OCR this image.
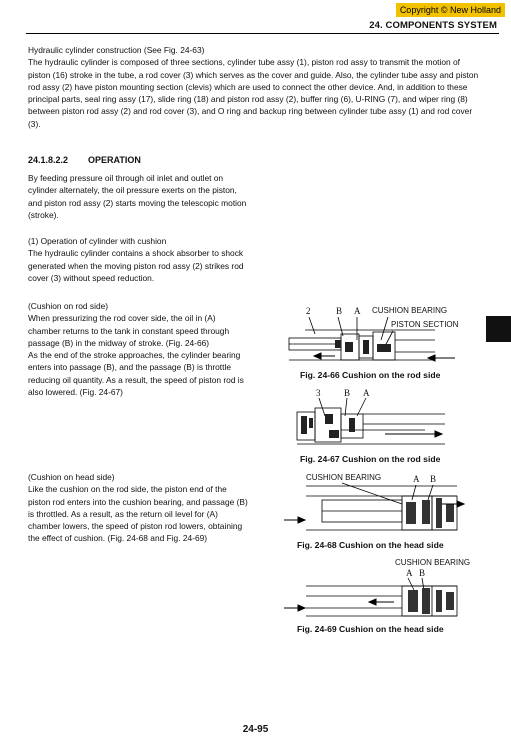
Copyright © New Holland
24. COMPONENTS SYSTEM
Hydraulic cylinder construction (See Fig. 24-63)
The hydraulic cylinder is composed of three sections, cylinder tube assy (1), piston rod assy to transmit the motion of piston (16) stroke in the tube, a rod cover (3) which serves as the cover and guide. Also, the cylinder tube assy and piston rod assy (2) have piston mounting section (clevis) which are used to connect the other device. And, in addition to these principal parts, seal ring assy (17), slide ring (18) and piston rod assy (2), buffer ring (6), U-RING (7), and wiper ring (8) between piston rod assy (2) and rod cover (3), and O ring and backup ring between cylinder tube assy (1) and rod cover (3).
24.1.8.2.2 OPERATION
By feeding pressure oil through oil inlet and outlet on cylinder alternately, the oil pressure exerts on the piston, and piston rod assy (2) starts moving the telescopic motion (stroke).
(1) Operation of cylinder with cushion
The hydraulic cylinder contains a shock absorber to shock generated when the moving piston rod assy (2) strikes rod cover (3) without speed reduction.
(Cushion on rod side)
When pressurizing the rod cover side, the oil in (A) chamber returns to the tank in constant speed through passage (B) in the midway of stroke. (Fig. 24-66)
As the end of the stroke approaches, the cylinder bearing enters into passage (B), and the passage (B) is throttle reducing oil quantity. As a result, the speed of piston rod is also lowered. (Fig. 24-67)
(Cushion on head side)
Like the cushion on the rod side, the piston end of the piston rod enters into the cushion bearing, and passage (B) is throttled. As a result, as the return oil level for (A) chamber lowers, the speed of piston rod lowers, obtaining the effect of cushion. (Fig. 24-68 and Fig. 24-69)
2	B A CUSHION BEARING
PISTON SECTION
Fig. 24-66 Cushion on the rod side
3	B A
Fig. 24-67 Cushion on the rod side
CUSHION BEARING	A B
Fig. 24-68 Cushion on the head side
CUSHION BEARING
A B
Fig. 24-69 Cushion on the head side
24-95
